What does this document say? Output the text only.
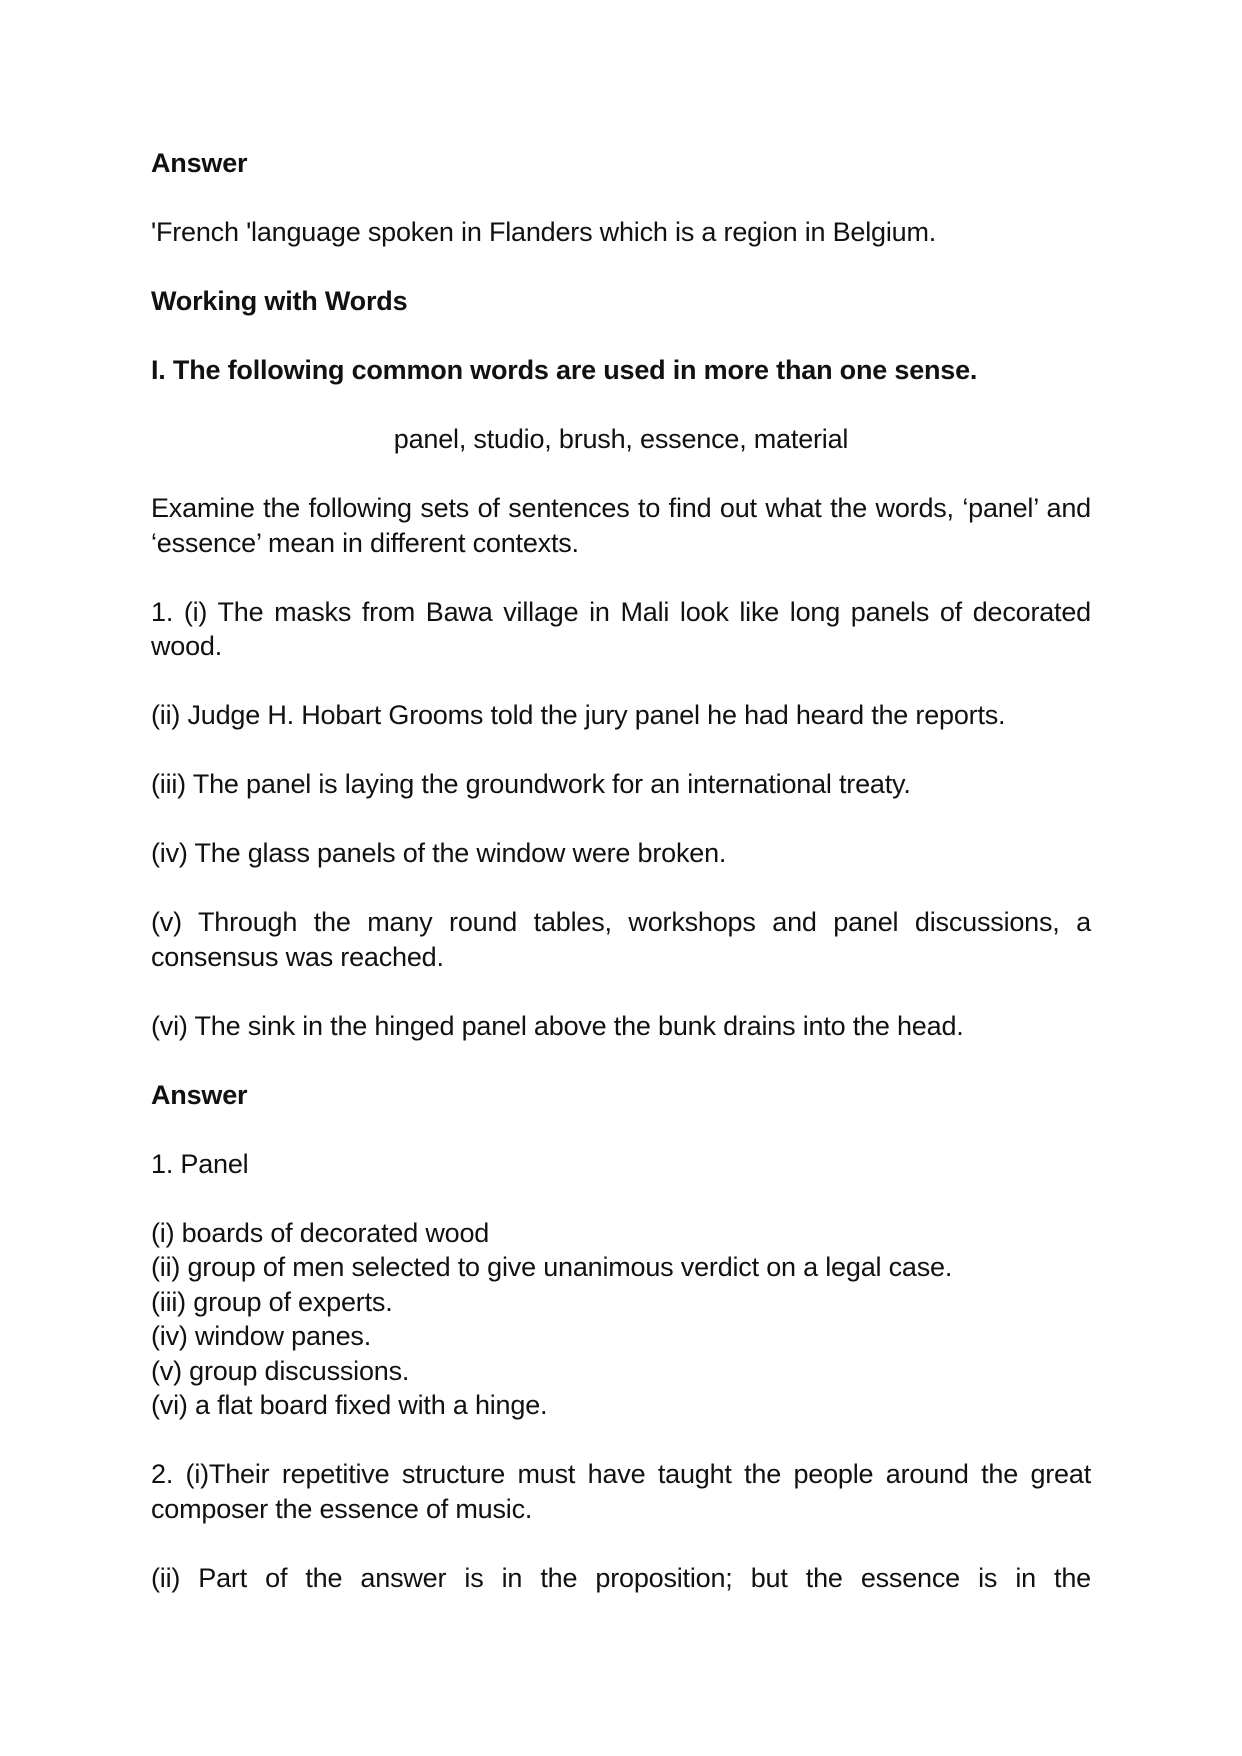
Answer

'French 'language spoken in Flanders which is a region in Belgium.

Working with Words

I. The following common words are used in more than one sense.

panel, studio, brush, essence, material

Examine the following sets of sentences to find out what the words, ‘panel’ and ‘essence’ mean in different contexts.

1. (i) The masks from Bawa village in Mali look like long panels of decorated wood.

(ii) Judge H. Hobart Grooms told the jury panel he had heard the reports.

(iii) The panel is laying the groundwork for an international treaty.

(iv) The glass panels of the window were broken.

(v) Through the many round tables, workshops and panel discussions, a consensus was reached.

(vi) The sink in the hinged panel above the bunk drains into the head.

Answer

1. Panel

(i) boards of decorated wood
(ii) group of men selected to give unanimous verdict on a legal case.
(iii) group of experts.
(iv) window panes.
(v) group discussions.
(vi) a flat board fixed with a hinge.

2. (i)Their repetitive structure must have taught the people around the great composer the essence of music.

(ii) Part of the answer is in the proposition; but the essence is in the
